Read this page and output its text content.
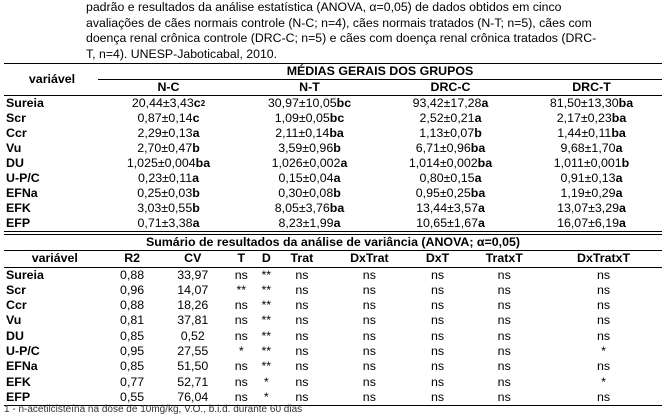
padrão e resultados da análise estatística (ANOVA, α=0,05) de dados obtidos em cinco

avaliações de cães normais controle (N-C; n=4), cães normais tratados (N-T; n=5), cães com

doença renal crônica controle (DRC-C; n=5) e cães com doença renal crônica tratados (DRC-

T, n=4). UNESP-Jaboticabal, 2010.

variável	MÉDIAS GERAIS DOS GRUPOS			
	N-C	N-T	DRC-C	DRC-T
Sureia	$20,44\pm 3,43c^2$	30,97±10,05bc	93,42±17,28a	81,50±13,30ba
Scr	0,87±0,14c	1,09±0,05bc	2,52±0,21a	2,17±0,23ba
Ccr	2,29±0,13a	2,11±0,14ba	1,13±0,07b	1,44±0,11ba
Vu	2,70±0,47b	3,59±0,96b	6,71±0,96ba	9,68±1,70a
DU	1,025±0,004ba	1,026±0,002a	1,014±0,002ba	1,011±0,001b
U-P/C	0,23±0,11a	0,15±0,04a	0,80±0,15a	0,91±0,13a
EFNa	0,25±0,03b	0,30±0,08b	0,95±0,25ba	1,19±0,29a
EFK	3,03±0,55b	8,05±3,76ba	13,44±3,57a	13,07±3,29a
EFP	0,71±3,38a	8,23±1,99a	10,65±1,67a	16,07±6,19a
Sumário de resultados da análise de variância (ANOVA; α=0,05)									
variável	R2	CV	T	D	Trat	DxTrat	DxT	TratxT	DxTratxT
Sureia	0,88	33,97	ns	**	ns	ns	ns	ns	ns
Scr	0,96	14,07	**	**	ns	ns	ns	ns	ns
Ccr	0,88	18,26	ns	**	ns	ns	ns	ns	ns
Vu	0,81	37,81	ns	**	ns	ns	ns	ns	ns
DU	0,85	0,52	ns	**	ns	ns	ns	ns	ns
U-P/C	0,95	27,55	*	**	ns	ns	ns	ns	*
EFNa	0,85	51,50	ns	**	ns	ns	ns	ns	ns
EFK	0,77	52,71	ns	*	ns	ns	ns	ns	*
EFP	0,55	76,04	ns	*	ns	ns	ns	ns	ns
1 - n-acetilcisteína na dose de 10mg/kg, V.O., b.i.d. durante 60 dias
